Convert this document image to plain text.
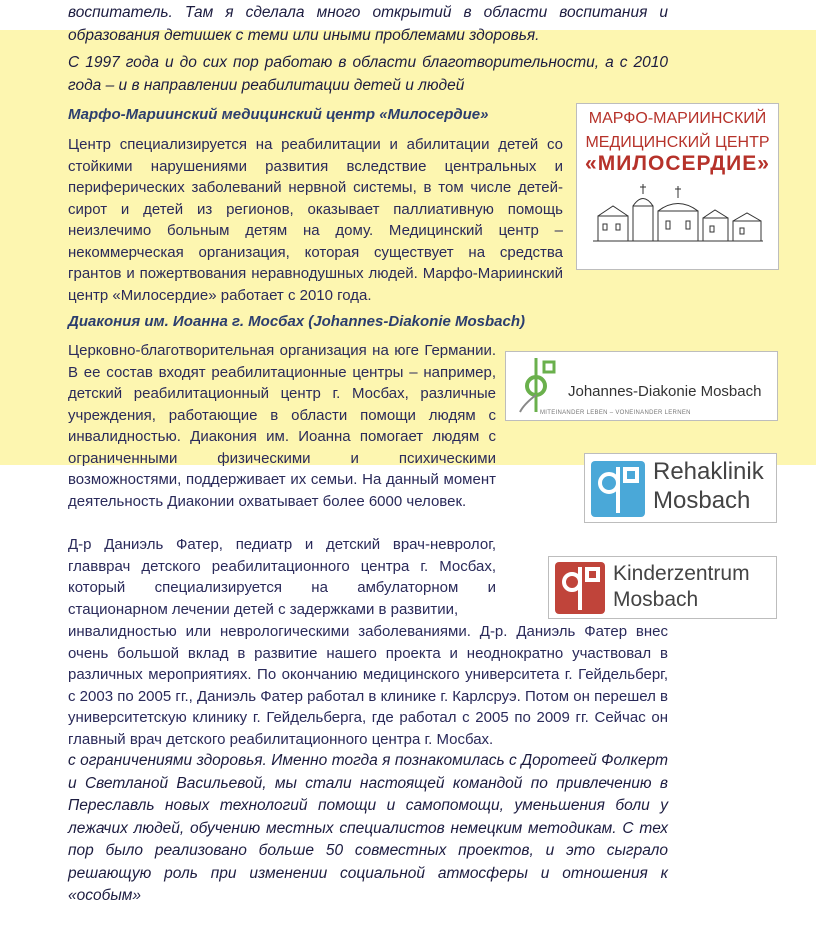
воспитатель. Там я сделала много открытий в области воспитания и образования детишек с теми или иными проблемами здоровья.

С 1997 года и до сих пор работаю в области благотворительности, а с 2010 года – и в направлении реабилитации детей и людей

Марфо-Мариинский медицинский центр «Милосердие»

Центр специализируется на реабилитации и абилитации детей со стойкими нарушениями развития вследствие центральных и периферических заболеваний нервной системы, в том числе детей-сирот и детей из регионов, оказывает паллиативную помощь неизлечимо больным детям на дому. Медицинский центр – некоммерческая организация, которая существует на средства грантов и пожертвования неравнодушных людей. Марфо-Мариинский центр «Милосердие» работает с 2010 года.

Диакония им. Иоанна г. Мосбах (Johannes-Diakonie Mosbach)

Церковно-благотворительная организация на юге Германии. В ее состав входят реабилитационные центры – например, детский реабилитационный центр г. Мосбах, различные учреждения, работающие в области помощи людям с инвалидностью. Диакония им. Иоанна помогает людям с ограниченными физическими и психическими возможностями, поддерживает их семьи. На данный момент деятельность Диаконии охватывает более 6000 человек.

Д-р Даниэль Фатер, педиатр и детский врач-невролог, главврач детского реабилитационного центра г. Мосбах, который специализируется на амбулаторном и стационарном лечении детей с задержками в развитии,

инвалидностью или неврологическими заболеваниями. Д-р. Даниэль Фатер внес очень большой вклад в развитие нашего проекта и неоднократно участвовал в различных мероприятиях. По окончанию медицинского университета г. Гейдельберг, с 2003 по 2005 гг., Даниэль Фатер работал в клинике г. Карлсруэ. Потом он перешел в университетскую клинику г. Гейдельберга, где работал с 2005 по 2009 гг. Сейчас он главный врач детского реабилитационного центра г. Мосбах.

с ограничениями здоровья. Именно тогда я познакомилась с Доротеей Фолкерт и Светланой Васильевой, мы стали настоящей командой по привлечению в Переславль новых технологий помощи и самопомощи, уменьшения боли у лежачих людей, обучению местных специалистов немецким методикам. С тех пор было реализовано больше 50 совместных проектов, и это сыграло решающую роль при изменении социальной атмосферы и отношения к «особым»

МАРФО-МАРИИНСКИЙ
МЕДИЦИНСКИЙ ЦЕНТР
«МИЛОСЕРДИЕ»
Johannes-Diakonie Mosbach
MITEINANDER LEBEN – VONEINANDER LERNEN
Rehaklinik
Mosbach
Kinderzentrum
Mosbach
